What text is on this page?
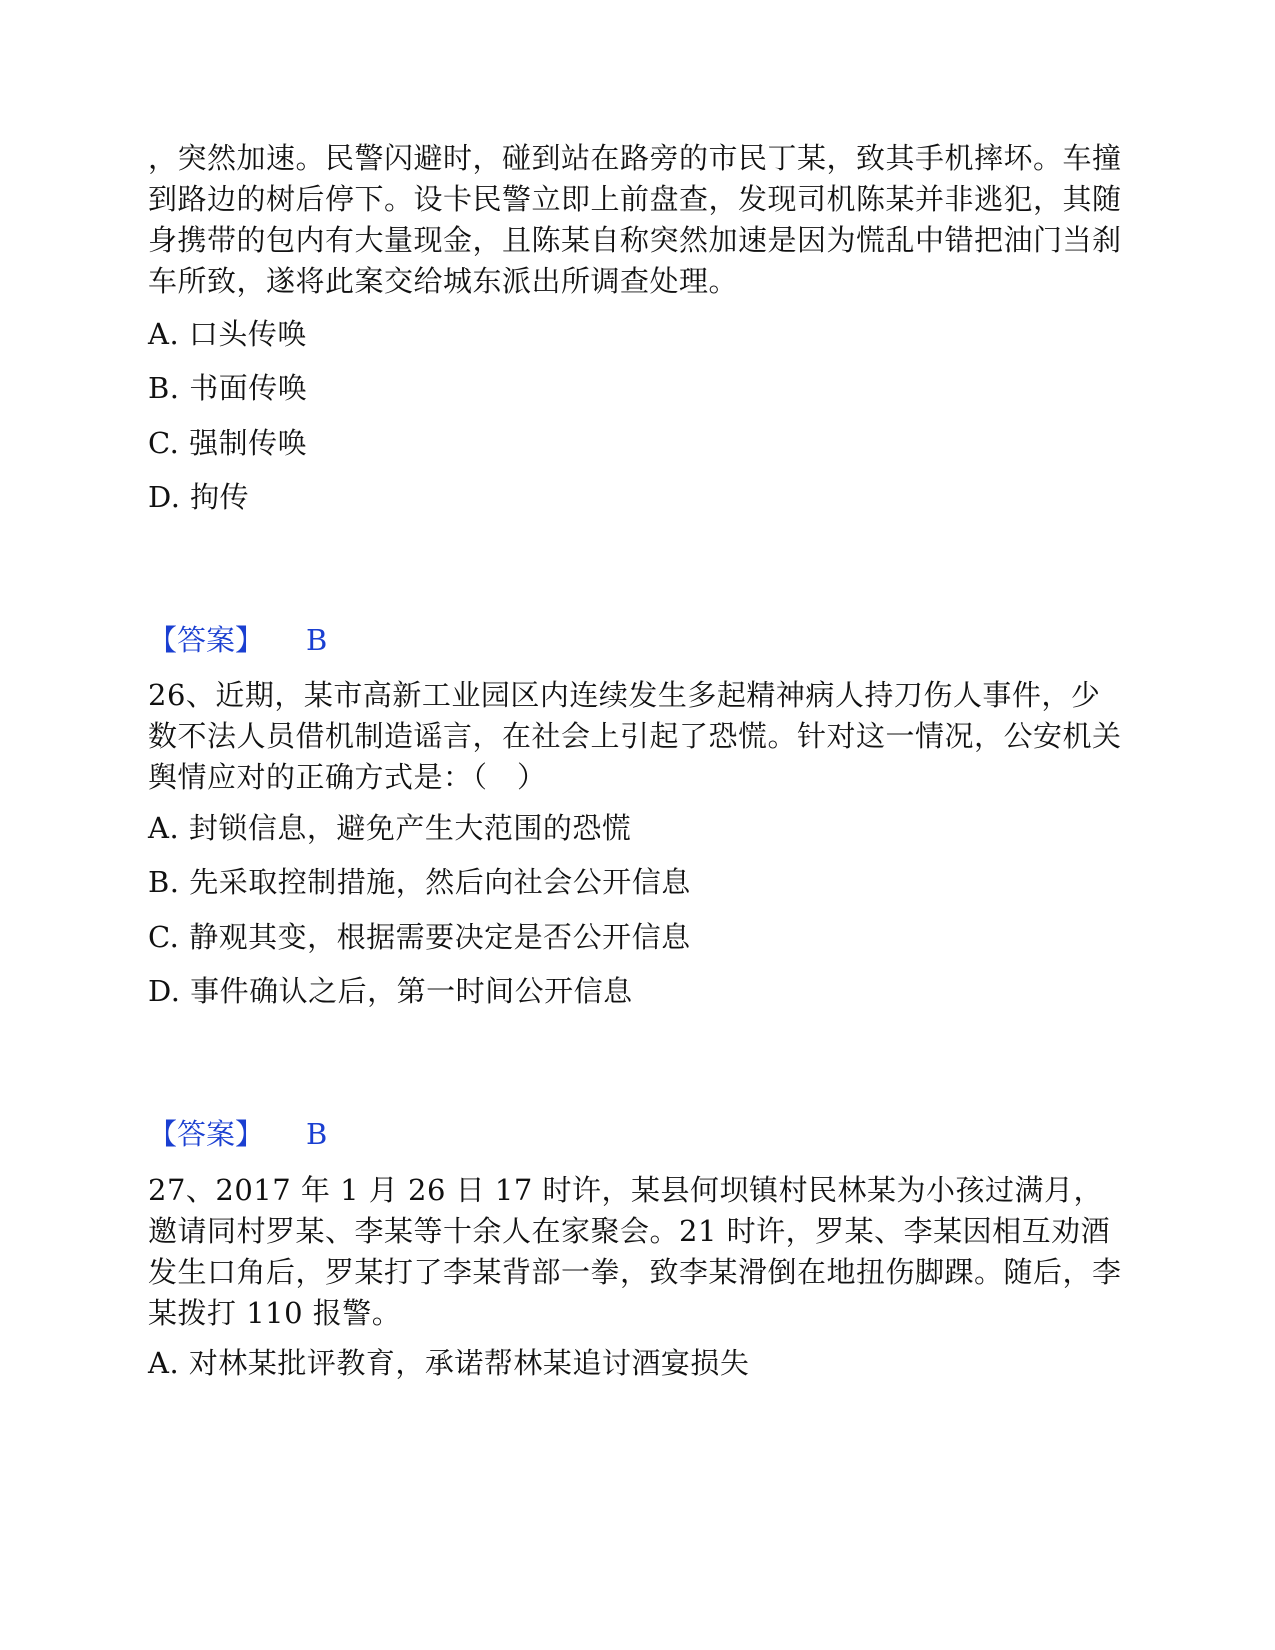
，突然加速。民警闪避时，碰到站在路旁的市民丁某，致其手机摔坏。车撞到路边的树后停下。设卡民警立即上前盘查，发现司机陈某并非逃犯，其随身携带的包内有大量现金，且陈某自称突然加速是因为慌乱中错把油门当刹车所致，遂将此案交给城东派出所调查处理。
A. 口头传唤
B. 书面传唤
C. 强制传唤
D. 拘传
【答案】 B
26、近期，某市高新工业园区内连续发生多起精神病人持刀伤人事件，少数不法人员借机制造谣言，在社会上引起了恐慌。针对这一情况，公安机关舆情应对的正确方式是：（　）
A. 封锁信息，避免产生大范围的恐慌
B. 先采取控制措施，然后向社会公开信息
C. 静观其变，根据需要决定是否公开信息
D. 事件确认之后，第一时间公开信息
【答案】 B
27、2017 年 1 月 26 日 17 时许，某县何坝镇村民林某为小孩过满月，邀请同村罗某、李某等十余人在家聚会。21 时许，罗某、李某因相互劝酒发生口角后，罗某打了李某背部一拳，致李某滑倒在地扭伤脚踝。随后，李某拨打 110 报警。
A. 对林某批评教育，承诺帮林某追讨酒宴损失
